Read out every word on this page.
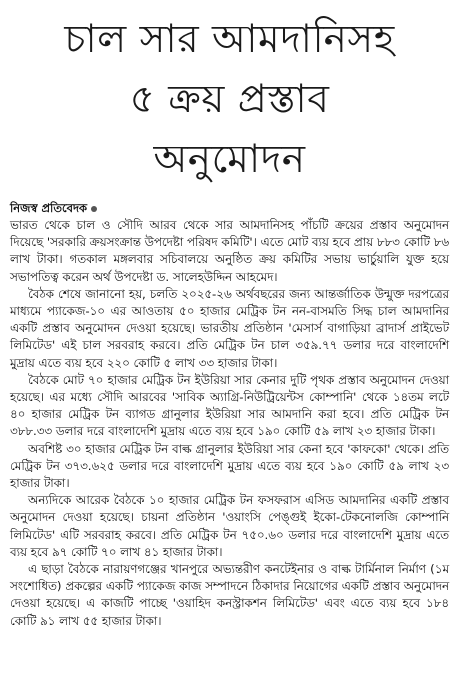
চাল সার আমদানিসহ
৫ ক্রয় প্রস্তাব
অনুমোদন
নিজস্ব প্রতিবেদক

ভারত থেকে চাল ও সৌদি আরব থেকে সার আমদানিসহ পাঁচটি ক্রয়ের প্রস্তাব অনুমোদন দিয়েছে 'সরকারি ক্রয়সংক্রান্ত উপদেষ্টা পরিষদ কমিটি'। এতে মোট ব্যয় হবে প্রায় ৮৮৩ কোটি ৮৬ লাখ টাকা। গতকাল মঙ্গলবার সচিবালয়ে অনুষ্ঠিত ক্রয় কমিটির সভায় ভার্চুয়ালি যুক্ত হয়ে সভাপতিত্ব করেন অর্থ উপদেষ্টা ড. সালেহউদ্দিন আহমেদ।

বৈঠক শেষে জানানো হয়, চলতি ২০২৫-২৬ অর্থবছরের জন্য আন্তর্জাতিক উন্মুক্ত দরপত্রের মাধ্যমে প্যাকেজ-১০ এর আওতায় ৫০ হাজার মেট্রিক টন নন-বাসমতি সিদ্ধ চাল আমদানির একটি প্রস্তাব অনুমোদন দেওয়া হয়েছে। ভারতীয় প্রতিষ্ঠান 'মেসার্স বাগাড়িয়া ব্রাদার্স প্রাইভেট লিমিটেড' এই চাল সরবরাহ করবে। প্রতি মেট্রিক টন চাল ৩৫৯.৭৭ ডলার দরে বাংলাদেশি মুদ্রায় এতে ব্যয় হবে ২২০ কোটি ৫ লাখ ৩৩ হাজার টাকা।

বৈঠকে মোট ৭০ হাজার মেট্রিক টন ইউরিয়া সার কেনার দুটি পৃথক প্রস্তাব অনুমোদন দেওয়া হয়েছে। এর মধ্যে সৌদি আরবের 'সাবিক অ্যাগ্রি-নিউট্রিয়েন্টস কোম্পানি' থেকে ১৪তম লটে ৪০ হাজার মেট্রিক টন ব্যাগড গ্রানুলার ইউরিয়া সার আমদানি করা হবে। প্রতি মেট্রিক টন ৩৮৮.৩৩ ডলার দরে বাংলাদেশি মুদ্রায় এতে ব্যয় হবে ১৯০ কোটি ৫৯ লাখ ২৩ হাজার টাকা।

অবশিষ্ট ৩০ হাজার মেট্রিক টন বাল্ক গ্রানুলার ইউরিয়া সার কেনা হবে 'কাফকো' থেকে। প্রতি মেট্রিক টন ৩৭৩.৬২৫ ডলার দরে বাংলাদেশি মুদ্রায় এতে ব্যয় হবে ১৯০ কোটি ৫৯ লাখ ২৩ হাজার টাকা।

অন্যদিকে আরেক বৈঠকে ১০ হাজার মেট্রিক টন ফসফরাস এসিড আমদানির একটি প্রস্তাব অনুমোদন দেওয়া হয়েছে। চায়না প্রতিষ্ঠান 'ওয়াংসি পেঙ্গুই ইকো-টেকনোলজি কোম্পানি লিমিটেড' এটি সরবরাহ করবে। প্রতি মেট্রিক টন ৭৫০.৬০ ডলার দরে বাংলাদেশি মুদ্রায় এতে ব্যয় হবে ৯৭ কোটি ৭০ লাখ ৪১ হাজার টাকা।

এ ছাড়া বৈঠকে নারায়ণগঞ্জের খানপুরে অভ্যন্তরীণ কনটেইনার ও বাল্ক টার্মিনাল নির্মাণ (১ম সংশোধিত) প্রকল্পের একটি প্যাকেজ কাজ সম্পাদনে ঠিকাদার নিয়োগের একটি প্রস্তাব অনুমোদন দেওয়া হয়েছে। এ কাজটি পাচ্ছে 'ওয়াহিদ কনস্ট্রাকশন লিমিটেড' এবং এতে ব্যয় হবে ১৮৪ কোটি ৯১ লাখ ৫৫ হাজার টাকা।
